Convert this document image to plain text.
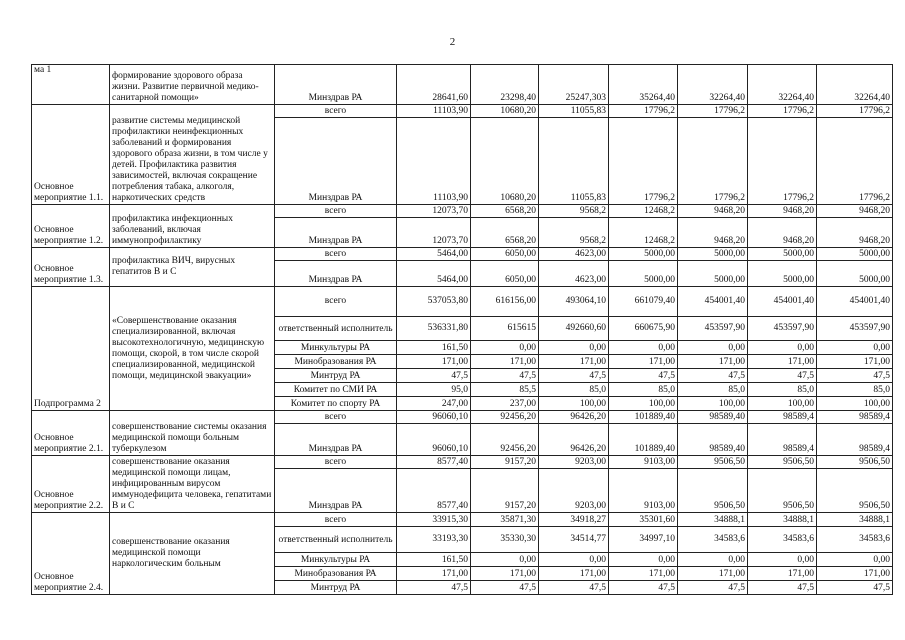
2
ма 1	формирование здорового образа жизни. Развитие первичной медико-санитарной помощи»	Минздрав РА	28641,60	23298,40	25247,303	35264,40	32264,40	32264,40	32264,40
Основное мероприятие 1.1.	развитие системы медицинской профилактики неинфекционных заболеваний и формирования здорового образа жизни, в том числе у детей. Профилактика развития зависимостей, включая сокращение потребления табака, алкоголя, наркотических средств	всего	11103,90	10680,20	11055,83	17796,2	17796,2	17796,2	17796,2
		Минздрав РА	11103,90	10680,20	11055,83	17796,2	17796,2	17796,2	17796,2
Основное мероприятие 1.2.	профилактика инфекционных заболеваний, включая иммунопрофилактику	всего	12073,70	6568,20	9568,2	12468,2	9468,20	9468,20	9468,20
		Минздрав РА	12073,70	6568,20	9568,2	12468,2	9468,20	9468,20	9468,20
Основное мероприятие 1.3.	профилактика ВИЧ, вирусных гепатитов В и С	всего	5464,00	6050,00	4623,00	5000,00	5000,00	5000,00	5000,00
		Минздрав РА	5464,00	6050,00	4623,00	5000,00	5000,00	5000,00	5000,00
Подпрограмма 2	«Совершенствование оказания специализированной, включая высокотехнологичную, медицинскую помощи, скорой, в том числе скорой специализированной, медицинской помощи, медицинской эвакуации»	всего	537053,80	616156,00	493064,10	661079,40	454001,40	454001,40	454001,40
		ответственный исполнитель	536331,80	615615	492660,60	660675,90	453597,90	453597,90	453597,90
		Минкультуры РА	161,50	0,00	0,00	0,00	0,00	0,00	0,00
		Минобразования РА	171,00	171,00	171,00	171,00	171,00	171,00	171,00
		Минтруд РА	47,5	47,5	47,5	47,5	47,5	47,5	47,5
		Комитет по СМИ РА	95,0	85,5	85,0	85,0	85,0	85,0	85,0
		Комитет по спорту РА	247,00	237,00	100,00	100,00	100,00	100,00	100,00
Основное мероприятие 2.1.	совершенствование системы оказания медицинской помощи больным туберкулезом	всего	96060,10	92456,20	96426,20	101889,40	98589,40	98589,4	98589,4
		Минздрав РА	96060,10	92456,20	96426,20	101889,40	98589,40	98589,4	98589,4
Основное мероприятие 2.2.	совершенствование оказания медицинской помощи лицам, инфицированным вирусом иммунодефицита человека, гепатитами В и С	всего	8577,40	9157,20	9203,00	9103,00	9506,50	9506,50	9506,50
		Минздрав РА	8577,40	9157,20	9203,00	9103,00	9506,50	9506,50	9506,50
Основное мероприятие 2.4.	совершенствование оказания медицинской помощи наркологическим больным	всего	33915,30	35871,30	34918,27	35301,60	34888,1	34888,1	34888,1
		ответственный исполнитель	33193,30	35330,30	34514,77	34997,10	34583,6	34583,6	34583,6
		Минкультуры РА	161,50	0,00	0,00	0,00	0,00	0,00	0,00
		Минобразования РА	171,00	171,00	171,00	171,00	171,00	171,00	171,00
		Минтруд РА	47,5	47,5	47,5	47,5	47,5	47,5	47,5
